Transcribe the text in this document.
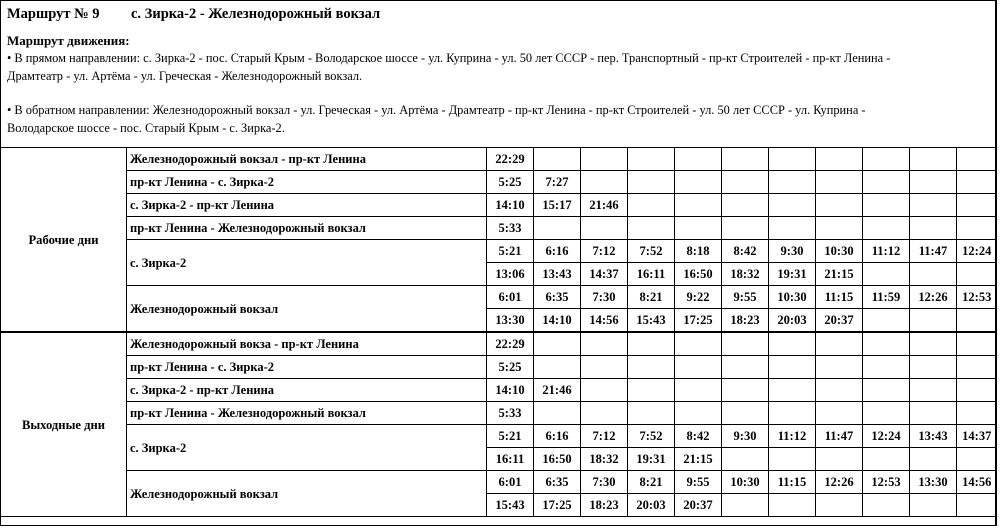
Маршрут № 9 с. Зирка-2 - Железнодорожный вокзал
Маршрут движения:

• В прямом направлении: с. Зирка-2 - пос. Старый Крым - Володарское шоссе - ул. Куприна - ул. 50 лет СССР - пер. Транспортный - пр-кт Строителей - пр-кт Ленина -
Драмтеатр - ул. Артёма - ул. Греческая - Железнодорожный вокзал.

• В обратном направлении: Железнодорожный вокзал - ул. Греческая - ул. Артёма - Драмтеатр - пр-кт Ленина - пр-кт Строителей - ул. 50 лет СССР - ул. Куприна -
Володарское шоссе - пос. Старый Крым - с. Зирка-2.

Рабочие дни	Железнодорожный вокзал - пр-кт Ленина	22:29										
	пр-кт Ленина - с. Зирка-2	5:25	7:27									
	с. Зирка-2 - пр-кт Ленина	14:10	15:17	21:46								
	пр-кт Ленина - Железнодорожный вокзал	5:33										
	с. Зирка-2	5:21	6:16	7:12	7:52	8:18	8:42	9:30	10:30	11:12	11:47	12:24
		13:06	13:43	14:37	16:11	16:50	18:32	19:31	21:15			
	Железнодорожный вокзал	6:01	6:35	7:30	8:21	9:22	9:55	10:30	11:15	11:59	12:26	12:53
		13:30	14:10	14:56	15:43	17:25	18:23	20:03	20:37			
Выходные дни	Железнодорожный вокза - пр-кт Ленина	22:29										
	пр-кт Ленина - с. Зирка-2	5:25										
	с. Зирка-2 - пр-кт Ленина	14:10	21:46									
	пр-кт Ленина - Железнодорожный вокзал	5:33										
	с. Зирка-2	5:21	6:16	7:12	7:52	8:42	9:30	11:12	11:47	12:24	13:43	14:37
		16:11	16:50	18:32	19:31	21:15						
	Железнодорожный вокзал	6:01	6:35	7:30	8:21	9:55	10:30	11:15	12:26	12:53	13:30	14:56
		15:43	17:25	18:23	20:03	20:37						
